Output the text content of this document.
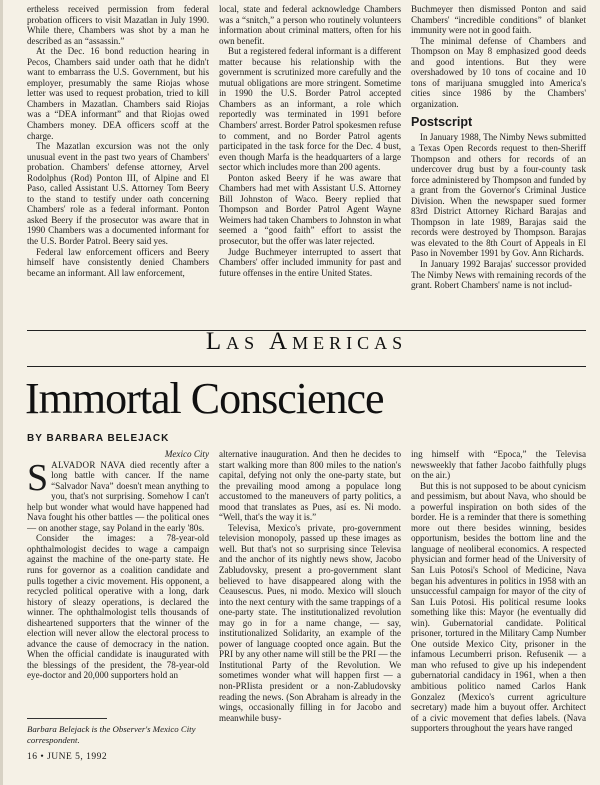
ertheless received permission from federal probation officers to visit Mazatlan in July 1990. While there, Chambers was shot by a man he described as an “assassin.”

At the Dec. 16 bond reduction hearing in Pecos, Chambers said under oath that he didn't want to embarrass the U.S. Government, but his employer, presumably the same Riojas whose letter was used to request probation, tried to kill Chambers in Mazatlan. Chambers said Riojas was a “DEA informant” and that Riojas owed Chambers money. DEA officers scoff at the charge.

The Mazatlan excursion was not the only unusual event in the past two years of Chambers' probation. Chambers' defense attorney, Arvel Rodolphus (Rod) Ponton III, of Alpine and El Paso, called Assistant U.S. Attorney Tom Beery to the stand to testify under oath concerning Chambers' role as a federal informant. Ponton asked Beery if the prosecutor was aware that in 1990 Chambers was a documented informant for the U.S. Border Patrol. Beery said yes.

Federal law enforcement officers and Beery himself have consistently denied Chambers became an informant. All law enforcement,

local, state and federal acknowledge Chambers was a “snitch,” a person who routinely volunteers information about criminal matters, often for his own benefit.

But a registered federal informant is a different matter because his relationship with the government is scrutinized more carefully and the mutual obligations are more stringent. Sometime in 1990 the U.S. Border Patrol accepted Chambers as an informant, a role which reportedly was terminated in 1991 before Chambers' arrest. Border Patrol spokesmen refuse to comment, and no Border Patrol agents participated in the task force for the Dec. 4 bust, even though Marfa is the headquarters of a large sector which includes more than 200 agents.

Ponton asked Beery if he was aware that Chambers had met with Assistant U.S. Attorney Bill Johnston of Waco. Beery replied that Thompson and Border Patrol Agent Wayne Weimers had taken Chambers to Johnston in what seemed a “good faith” effort to assist the prosecutor, but the offer was later rejected.

Judge Buchmeyer interrupted to assert that Chambers' offer included immunity for past and future offenses in the entire United States.

Buchmeyer then dismissed Ponton and said Chambers' “incredible conditions” of blanket immunity were not in good faith.

The minimal defense of Chambers and Thompson on May 8 emphasized good deeds and good intentions. But they were overshadowed by 10 tons of cocaine and 10 tons of marijuana smuggled into America's cities since 1986 by the Chambers' organization.

Postscript

In January 1988, The Nimby News submitted a Texas Open Records request to then-Sheriff Thompson and others for records of an undercover drug bust by a four-county task force administered by Thompson and funded by a grant from the Governor's Criminal Justice Division. When the newspaper sued former 83rd District Attorney Richard Barajas and Thompson in late 1989, Barajas said the records were destroyed by Thompson. Barajas was elevated to the 8th Court of Appeals in El Paso in November 1991 by Gov. Ann Richards.

In January 1992 Barajas' successor provided The Nimby News with remaining records of the grant. Robert Chambers' name is not includ-

Las Americas
Immortal Conscience
BY BARBARA BELEJACK

Mexico City

SALVADOR NAVA died recently after a long battle with cancer. If the name “Salvador Nava” doesn't mean anything to you, that's not surprising. Somehow I can't help but wonder what would have happened had Nava fought his other battles — the political ones — on another stage, say Poland in the early '80s.

Consider the images: a 78-year-old ophthalmologist decides to wage a campaign against the machine of the one-party state. He runs for governor as a coalition candidate and pulls together a civic movement. His opponent, a recycled political operative with a long, dark history of sleazy operations, is declared the winner. The ophthalmologist tells thousands of disheartened supporters that the winner of the election will never allow the electoral process to advance the cause of democracy in the nation. When the official candidate is inaugurated with the blessings of the president, the 78-year-old eye-doctor and 20,000 supporters hold an

alternative inauguration. And then he decides to start walking more than 800 miles to the nation's capital, defying not only the one-party state, but the prevailing mood among a populace long accustomed to the maneuvers of party politics, a mood that translates as Pues, así es. Ni modo. “Well, that's the way it is.”

Televisa, Mexico's private, pro-government television monopoly, passed up these images as well. But that's not so surprising since Televisa and the anchor of its nightly news show, Jacobo Zabludovsky, present a pro-government slant believed to have disappeared along with the Ceausescus. Pues, ni modo. Mexico will slouch into the next century with the same trappings of a one-party state. The institutionalized revolution may go in for a name change, — say, institutionalized Solidarity, an example of the power of language coopted once again. But the PRI by any other name will still be the PRI — the Institutional Party of the Revolution. We sometimes wonder what will happen first — a non-PRIista president or a non-Zabludovsky reading the news. (Son Abraham is already in the wings, occasionally filling in for Jacobo and meanwhile busy-

ing himself with “Epoca,” the Televisa newsweekly that father Jacobo faithfully plugs on the air.)

But this is not supposed to be about cynicism and pessimism, but about Nava, who should be a powerful inspiration on both sides of the border. He is a reminder that there is something more out there besides winning, besides opportunism, besides the bottom line and the language of neoliberal economics. A respected physician and former head of the University of San Luis Potosi's School of Medicine, Nava began his adventures in politics in 1958 with an unsuccessful campaign for mayor of the city of San Luis Potosi. His political resume looks something like this: Mayor (he eventually did win). Gubernatorial candidate. Political prisoner, tortured in the Military Camp Number One outside Mexico City, prisoner in the infamous Lecumberri prison. Refusenik — a man who refused to give up his independent gubernatorial candidacy in 1961, when a then ambitious politico named Carlos Hank Gonzalez (Mexico's current agriculture secretary) made him a buyout offer. Architect of a civic movement that defies labels. (Nava supporters throughout the years have ranged

Barbara Belejack is the Observer's Mexico City correspondent.
16 • JUNE 5, 1992
